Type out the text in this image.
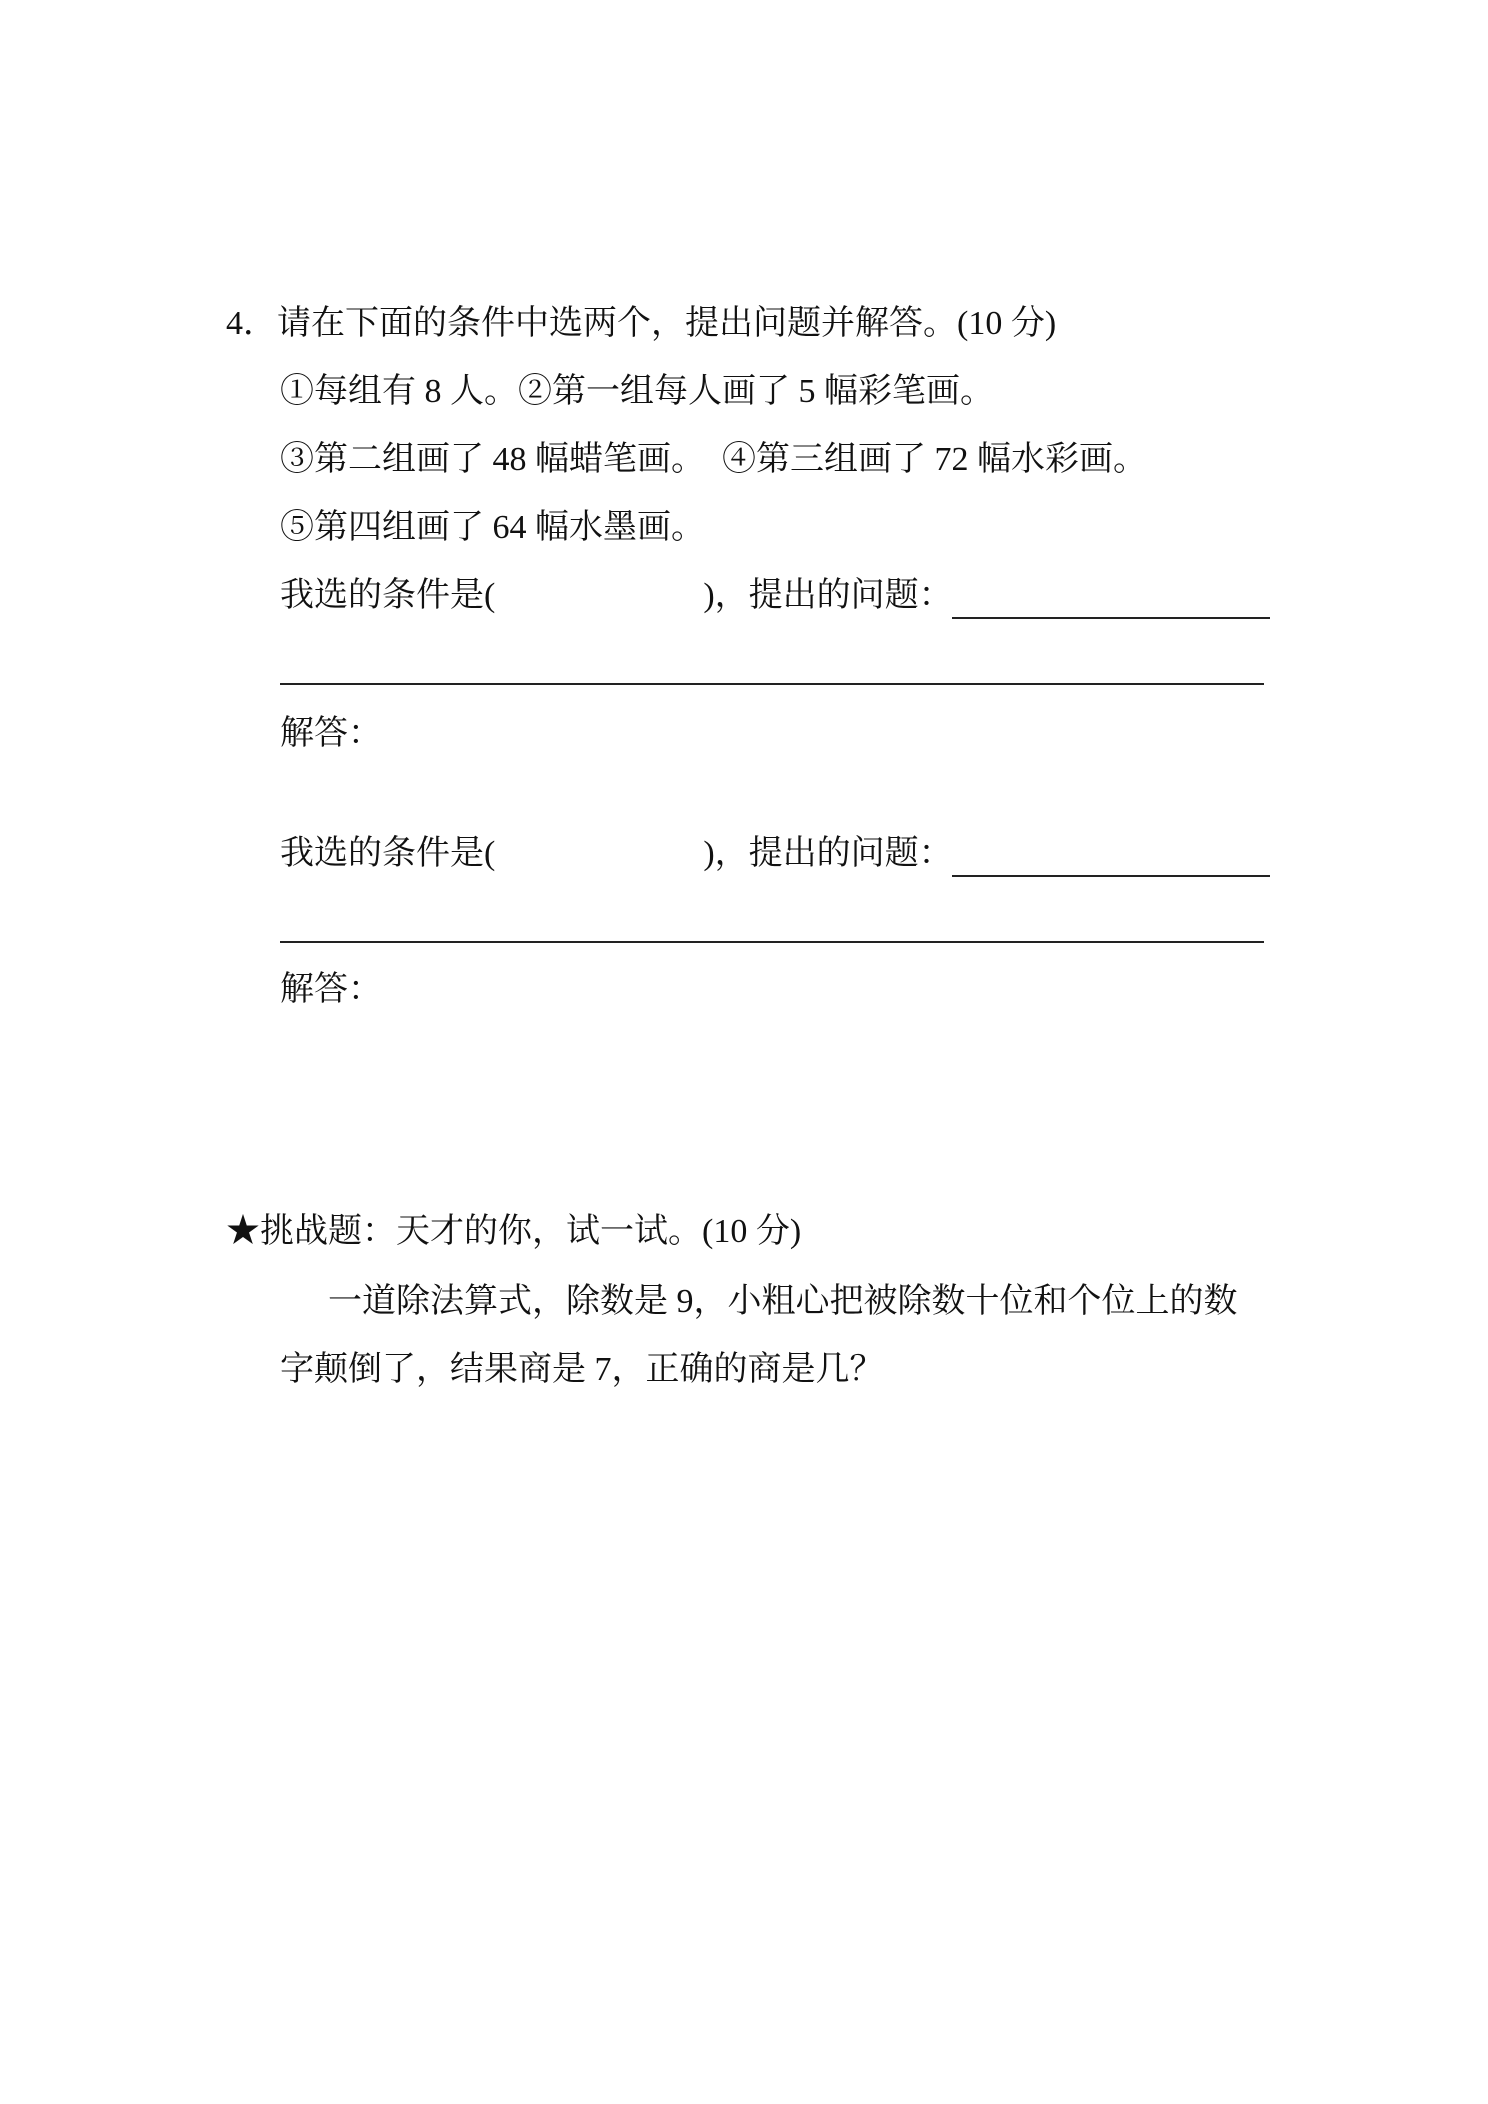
4．请在下面的条件中选两个，提出问题并解答。(10 分)
①每组有 8 人。②第一组每人画了 5 幅彩笔画。
③第二组画了 48 幅蜡笔画。　④第三组画了 72 幅水彩画。
⑤第四组画了 64 幅水墨画。
我选的条件是(	)，提出的问题：
解答：
我选的条件是(	)，提出的问题：
解答：
★挑战题：天才的你，试一试。(10 分)
一道除法算式，除数是 9，小粗心把被除数十位和个位上的数
字颠倒了，结果商是 7，正确的商是几？
